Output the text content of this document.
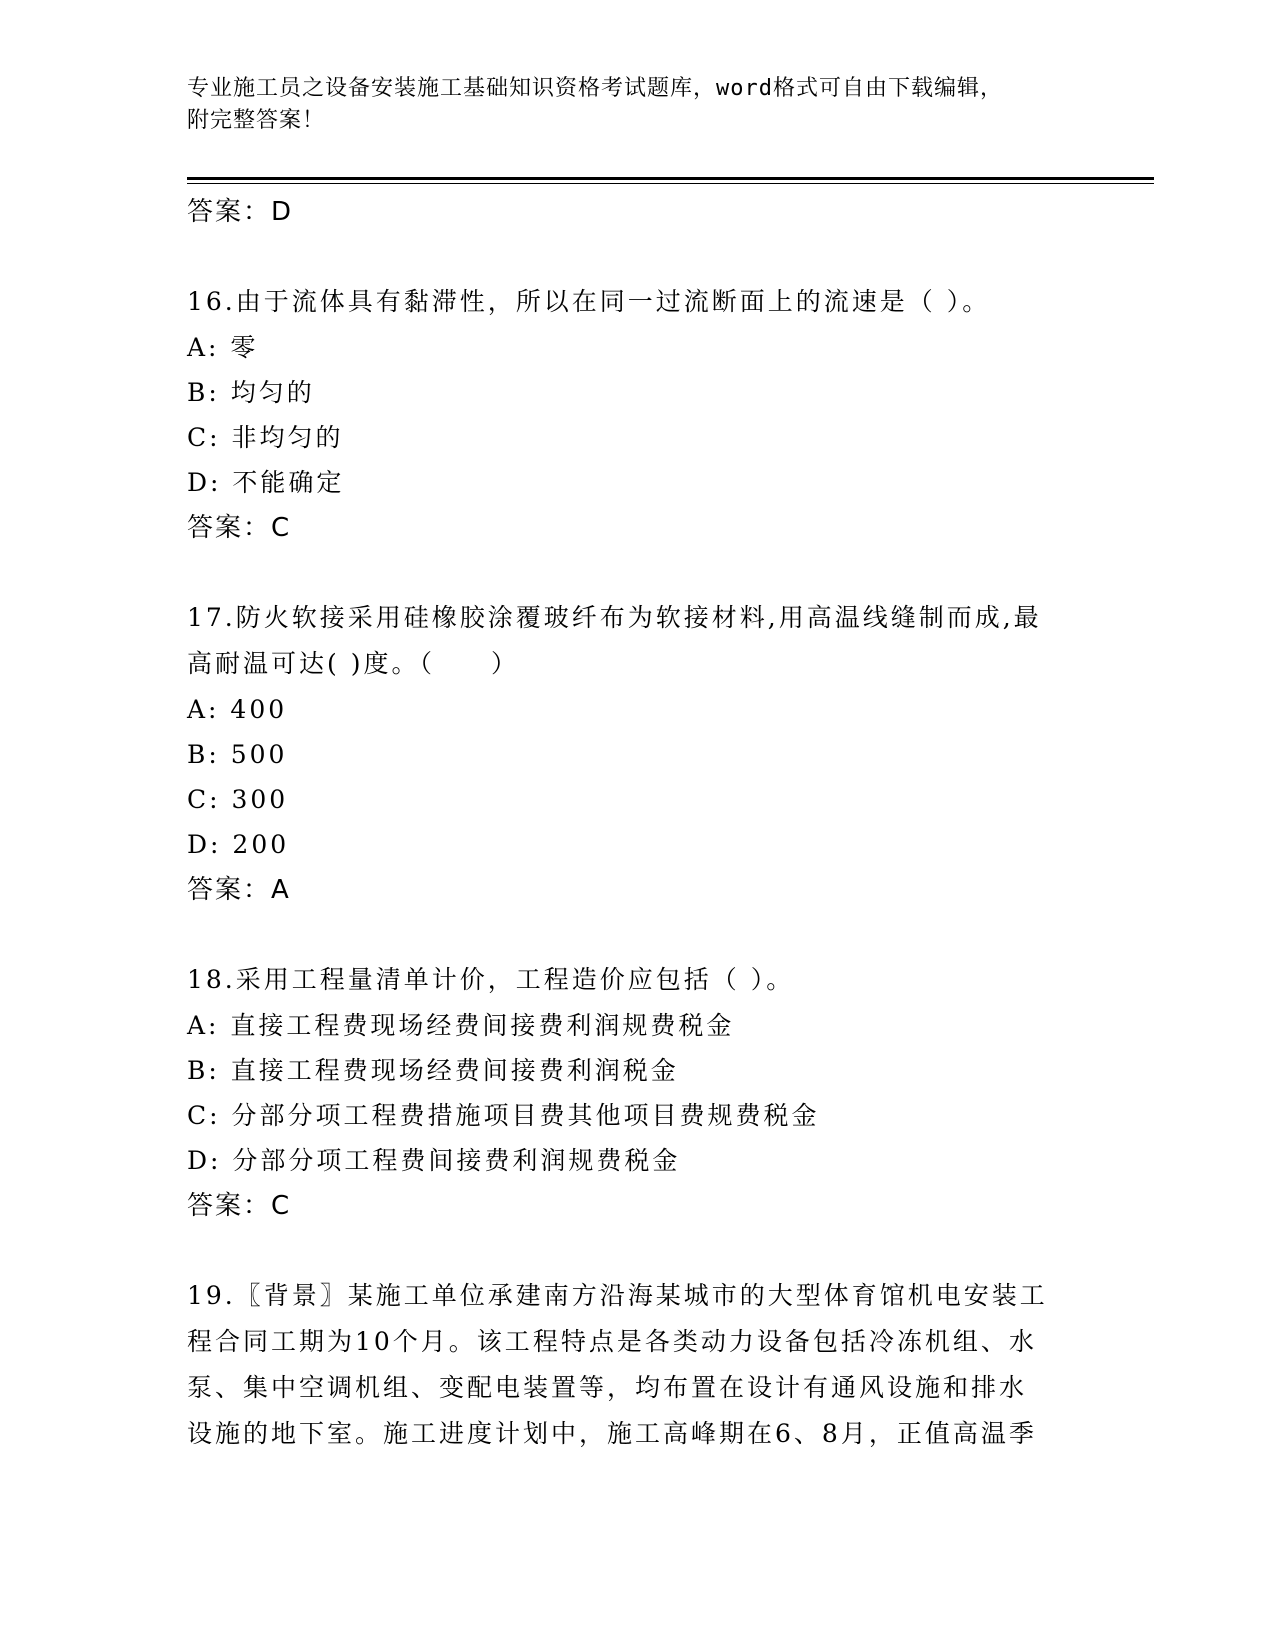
专业施工员之设备安装施工基础知识资格考试题库，word格式可自由下载编辑，
附完整答案！
答案：D
16.由于流体具有黏滞性，所以在同一过流断面上的流速是（ ）。
A: 零
B: 均匀的
C: 非均匀的
D: 不能确定
答案：C
17.防火软接采用硅橡胶涂覆玻纤布为软接材料,用高温线缝制而成,最
高耐温可达( )度。（　　）
A: 400
B: 500
C: 300
D: 200
答案：A
18.采用工程量清单计价，工程造价应包括（ ）。
A: 直接工程费现场经费间接费利润规费税金
B: 直接工程费现场经费间接费利润税金
C: 分部分项工程费措施项目费其他项目费规费税金
D: 分部分项工程费间接费利润规费税金
答案：C
19.〖背景〗某施工单位承建南方沿海某城市的大型体育馆机电安装工
程合同工期为10个月。该工程特点是各类动力设备包括冷冻机组、水
泵、集中空调机组、变配电装置等，均布置在设计有通风设施和排水
设施的地下室。施工进度计划中，施工高峰期在6、8月，正值高温季
